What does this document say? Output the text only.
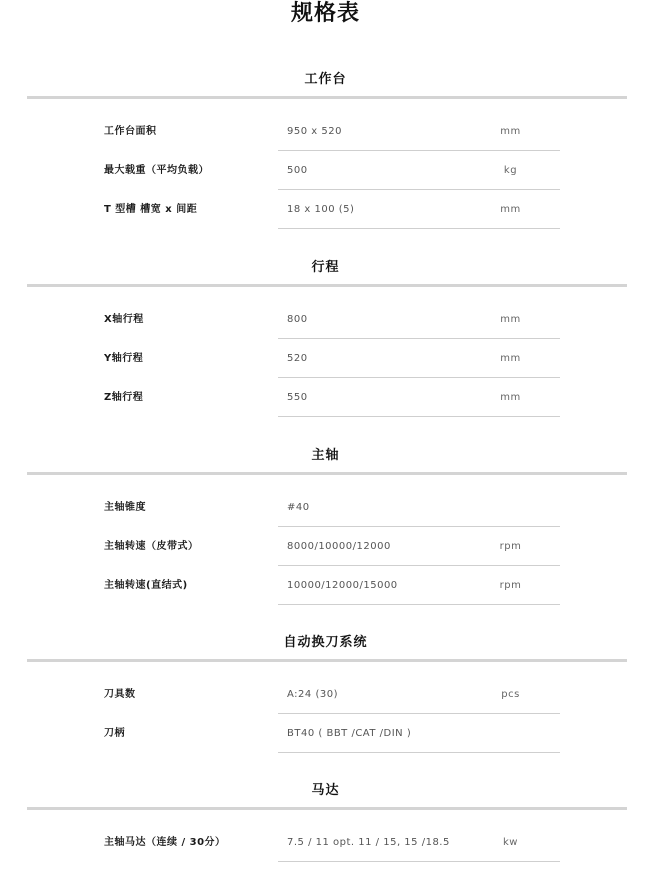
规格表
工作台
工作台面积	950 x 520	mm
最大载重（平均负载）	500	kg
T 型槽 槽宽 x 间距	18 x 100 (5)	mm
行程
X轴行程	800	mm
Y轴行程	520	mm
Z轴行程	550	mm
主轴
主轴锥度	#40
主轴转速（皮带式）	8000/10000/12000	rpm
主轴转速(直结式)	10000/12000/15000	rpm
自动换刀系统
刀具数	A:24 (30)	pcs
刀柄	BT40 ( BBT /CAT /DIN )
马达
主轴马达（连续 / 30分）	7.5 / 11 opt. 11 / 15, 15 /18.5	kw
